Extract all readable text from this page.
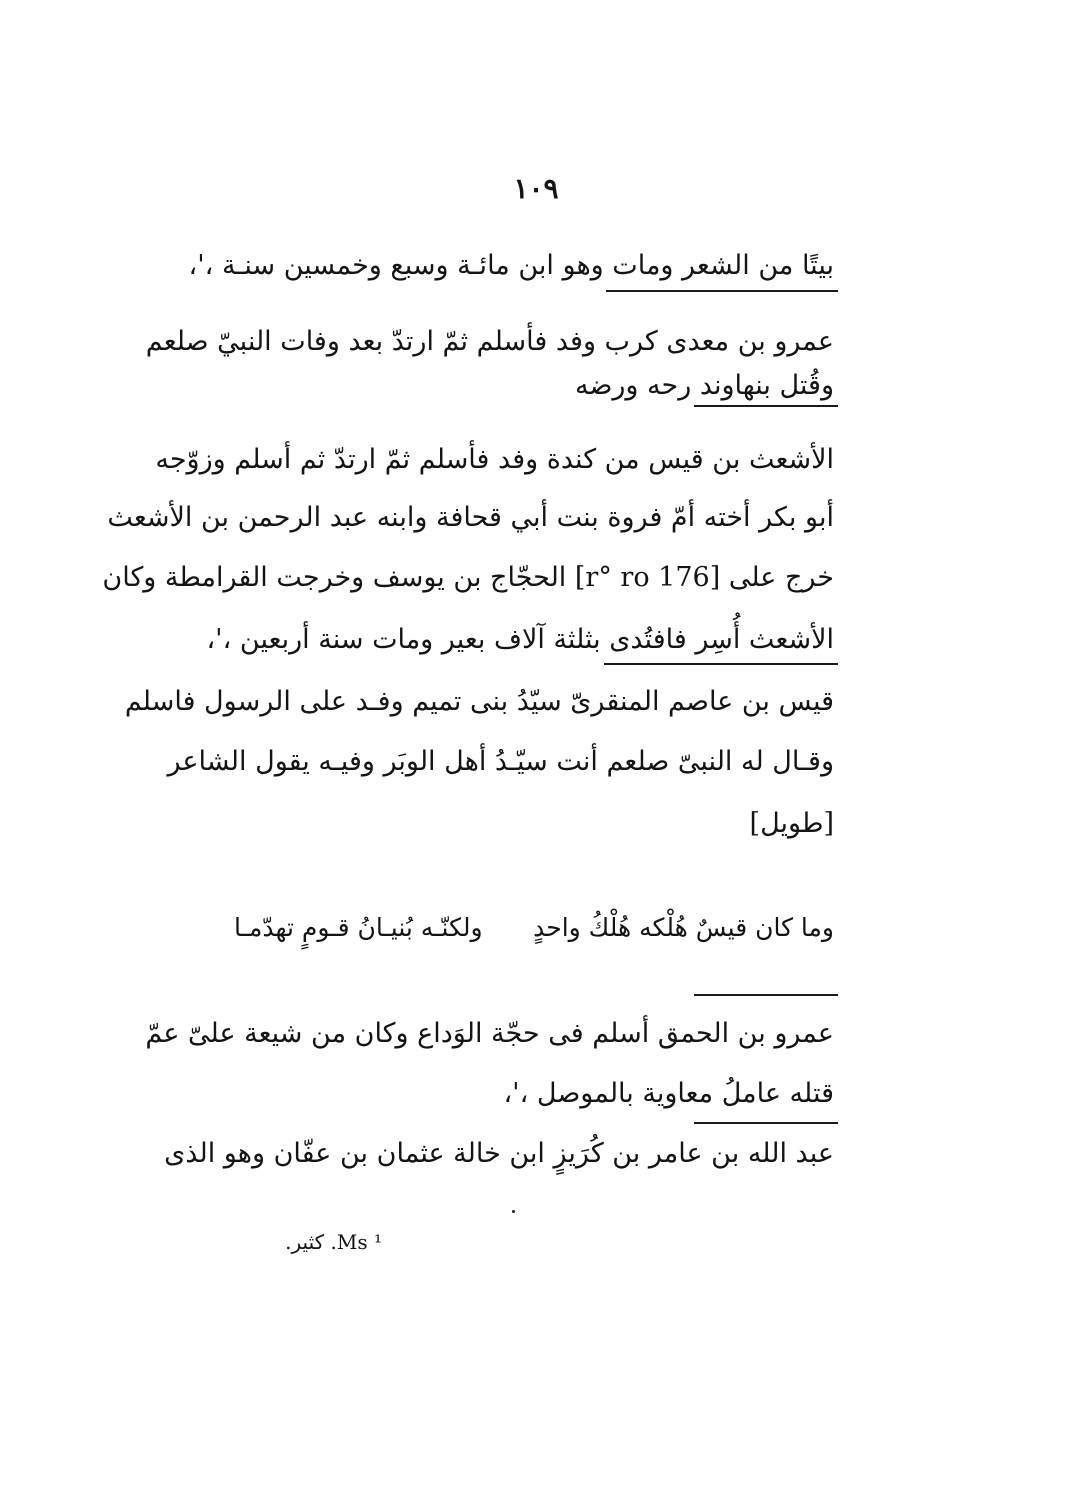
١٠٩
بيتًا من الشعر ومات وهو ابن مائـة وسبع وخمسين سنـة ،'،
عمرو بن معدى كرب وفد فأسلم ثمّ ارتدّ بعد وفات النبيّ صلعم
وقُتل بنهاوند رحه ورضه
الأشعث بن قيس من كندة وفد فأسلم ثمّ ارتدّ ثم أسلم وزوّجه
أبو بكر أخته أمّ فروة بنت أبي قحافة وابنه عبد الرحمن بن الأشعث
خرج على [176 r° ro] الحجّاج بن يوسف وخرجت القرامطة وكان
الأشعث أُسِر فافتُدى بثلثة آلاف بعير ومات سنة أربعين ،'،
قيس بن عاصم المنقرىّ سيّدُ بنى تميم وفـد على الرسول فاسلم
وقـال له النبىّ صلعم أنت سيّـدُ أهل الوبَر وفيـه يقول الشاعر
[طويل]
وما كان قيسٌ هُلْكه هُلْكُ واحدٍ
ولكنّـه بُنيـانُ قـومٍ تهدّمـا
عمرو بن الحمق أسلم فى حجّة الوَداع وكان من شيعة علىّ عمّ
قتله عاملُ معاوية بالموصل ،'،
عبد الله بن عامر بن كُرَيزٍ ابن خالة عثمان بن عفّان وهو الذى
¹ Ms. كثير.
